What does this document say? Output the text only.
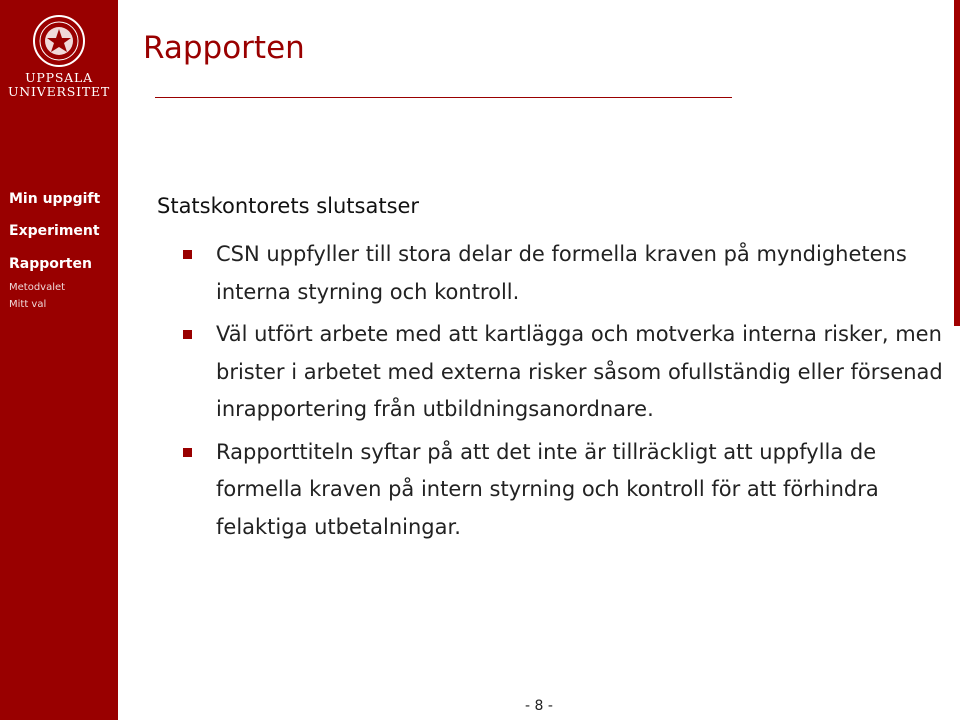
UPPSALA
UNIVERSITET
Min uppgift
Experiment
Rapporten
Metodvalet
Mitt val
Rapporten
Statskontorets slutsatser
CSN uppfyller till stora delar de formella kraven på myndighetens interna styrning och kontroll.
Väl utfört arbete med att kartlägga och motverka interna risker, men brister i arbetet med externa risker såsom ofullständig eller försenad inrapportering från utbildningsanordnare.
Rapporttiteln syftar på att det inte är tillräckligt att uppfylla de formella kraven på intern styrning och kontroll för att förhindra felaktiga utbetalningar.
- 8 -
